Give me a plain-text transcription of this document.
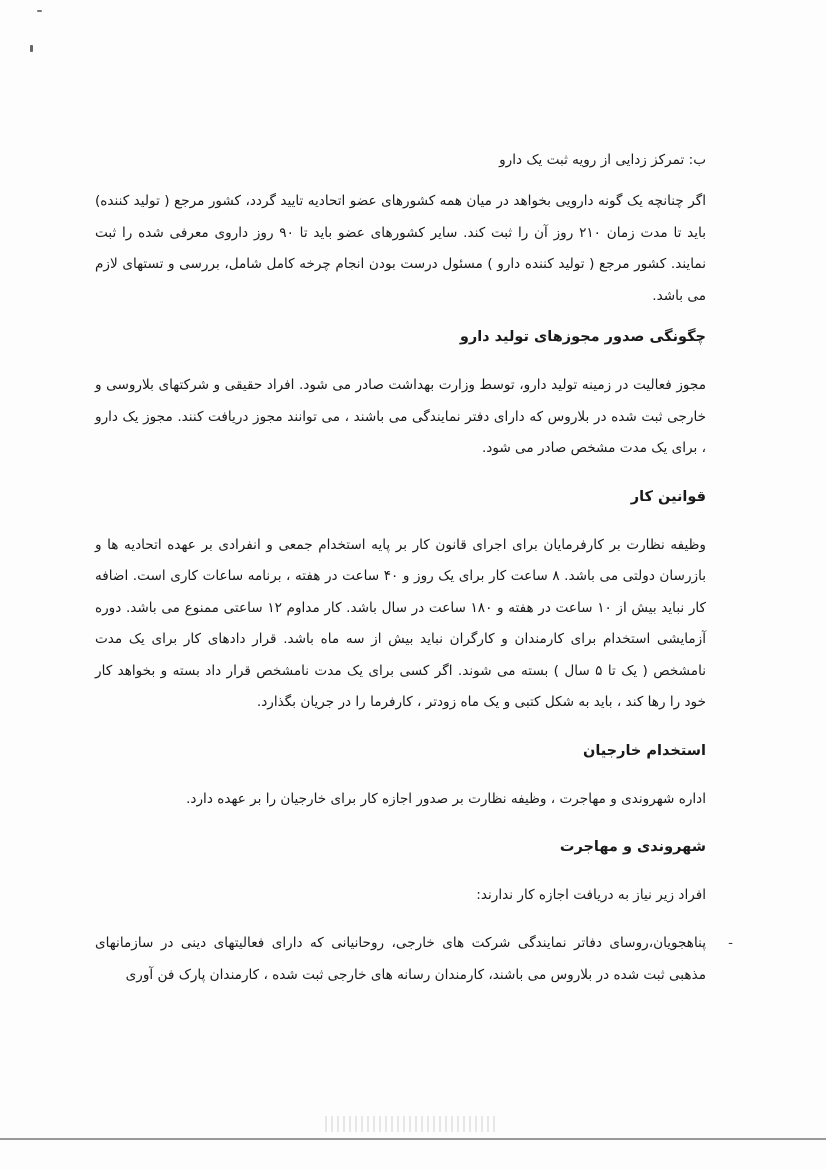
ب: تمرکز زدایی از رویه ثبت یک دارو

اگر چنانچه یک گونه دارویی بخواهد در میان همه کشورهای عضو اتحادیه تایید گردد، کشور مرجع ( تولید کننده) باید تا مدت زمان ۲۱۰ روز آن را ثبت کند. سایر کشورهای عضو باید تا ۹۰ روز داروی معرفی شده را ثبت نمایند. کشور مرجع ( تولید کننده دارو ) مسئول درست بودن انجام چرخه کامل شامل، بررسی و تستهای لازم می باشد.

چگونگی صدور مجوزهای تولید دارو

مجوز فعالیت در زمینه تولید دارو، توسط وزارت بهداشت صادر می شود. افراد حقیقی و شرکتهای بلاروسی و خارجی ثبت شده در بلاروس که دارای دفتر نمایندگی می باشند ، می توانند مجوز دریافت کنند. مجوز یک دارو ، برای یک مدت مشخص صادر می شود.

قوانین کار

وظیفه نظارت بر کارفرمایان برای اجرای قانون کار بر پایه استخدام جمعی و انفرادی بر عهده اتحادیه ها و بازرسان دولتی می باشد. ۸ ساعت کار برای یک روز و ۴۰ ساعت در هفته ، برنامه ساعات کاری است. اضافه کار نباید بیش از ۱۰ ساعت در هفته و ۱۸۰ ساعت در سال باشد. کار مداوم ۱۲ ساعتی ممنوع می باشد. دوره آزمایشی استخدام برای کارمندان و کارگران نباید بیش از سه ماه باشد. قرار دادهای کار برای یک مدت نامشخص ( یک تا ۵ سال ) بسته می شوند. اگر کسی برای یک مدت نامشخص قرار داد بسته و بخواهد کار خود را رها کند ، باید به شکل کتبی و یک ماه زودتر ، کارفرما را در جریان بگذارد.

استخدام خارجیان

اداره شهروندی و مهاجرت ، وظیفه نظارت بر صدور اجازه کار برای خارجیان را بر عهده دارد.

شهروندی و مهاجرت

افراد زیر نیاز به دریافت اجازه کار ندارند:

-
پناهجویان،روسای دفاتر نمایندگی شرکت های خارجی، روحانیانی که دارای فعالیتهای دینی در سازمانهای مذهبی ثبت شده در بلاروس می باشند، کارمندان رسانه های خارجی ثبت شده ، کارمندان پارک فن آوری
